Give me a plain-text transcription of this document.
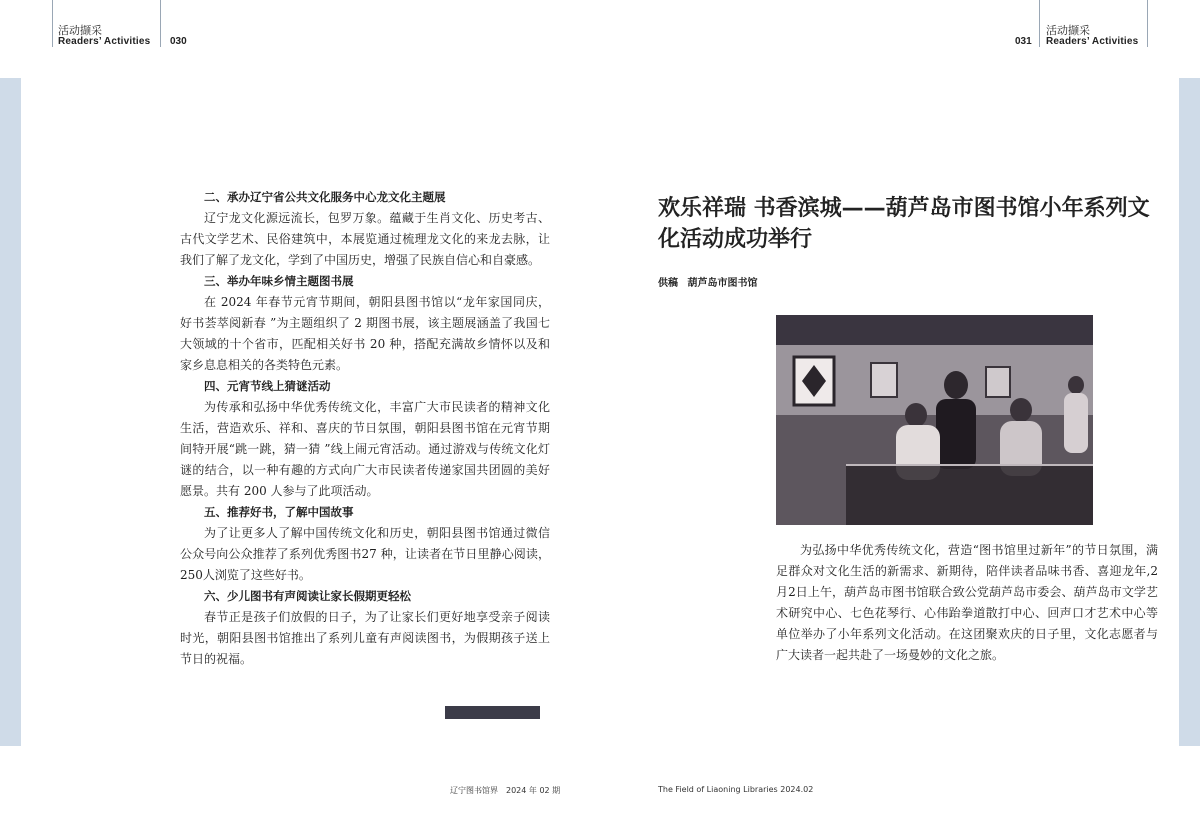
活动撷采
Readers’ Activities 030	031
活动撷采
Readers’ Activities

二、承办辽宁省公共文化服务中心龙文化主题展

辽宁龙文化源远流长，包罗万象。蕴藏于生肖文化、历史考古、古代文学艺术、民俗建筑中，本展览通过梳理龙文化的来龙去脉，让我们了解了龙文化，学到了中国历史，增强了民族自信心和自豪感。

三、举办年味乡情主题图书展

在 2024 年春节元宵节期间，朝阳县图书馆以“龙年家国同庆， 好书荟萃阅新春 ”为主题组织了 2 期图书展，该主题展涵盖了我国七大领域的十个省市，匹配相关好书 20 种，搭配充满故乡情怀以及和家乡息息相关的各类特色元素。

四、元宵节线上猜谜活动

为传承和弘扬中华优秀传统文化，丰富广大市民读者的精神文化生活，营造欢乐、祥和、喜庆的节日氛围，朝阳县图书馆在元宵节期间特开展“跳一跳，猜一猜 ”线上闹元宵活动。通过游戏与传统文化灯谜的结合，以一种有趣的方式向广大市民读者传递家国共团圆的美好愿景。共有 200 人参与了此项活动。

五、推荐好书，了解中国故事

为了让更多人了解中国传统文化和历史，朝阳县图书馆通过微信公众号向公众推荐了系列优秀图书27 种，让读者在节日里静心阅读，250人浏览了这些好书。

六、少儿图书有声阅读让家长假期更轻松

春节正是孩子们放假的日子，为了让家长们更好地享受亲子阅读时光，朝阳县图书馆推出了系列儿童有声阅读图书，为假期孩子送上节日的祝福。

欢乐祥瑞 书香滨城——葫芦岛市图书馆小年系列文化活动成功举行
供稿 葫芦岛市图书馆

为弘扬中华优秀传统文化，营造“图书馆里过新年”的节日氛围，满足群众对文化生活的新需求、新期待，陪伴读者品味书香、喜迎龙年,2月2日上午，葫芦岛市图书馆联合致公党葫芦岛市委会、葫芦岛市文学艺术研究中心、七色花琴行、心伟跆拳道散打中心、回声口才艺术中心等单位举办了小年系列文化活动。在这团聚欢庆的日子里，文化志愿者与广大读者一起共赴了一场曼妙的文化之旅。

辽宁图书馆界　2024 年 02 期	The Field of Liaoning Libraries 2024.02
